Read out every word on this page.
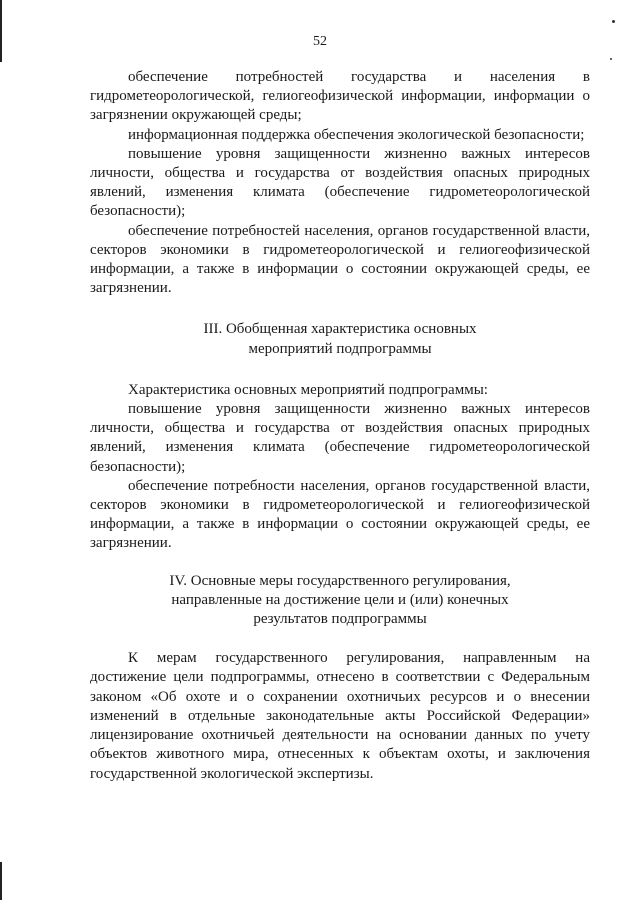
52

обеспечение потребностей государства и населения в гидрометеорологической, гелиогеофизической информации, информации о загрязнении окружающей среды;

информационная поддержка обеспечения экологической безопасности;

повышение уровня защищенности жизненно важных интересов личности, общества и государства от воздействия опасных природных явлений, изменения климата (обеспечение гидрометеорологической безопасности);

обеспечение потребностей населения, органов государственной власти, секторов экономики в гидрометеорологической и гелиогеофизической информации, а также в информации о состоянии окружающей среды, ее загрязнении.

III. Обобщенная характеристика основных
мероприятий подпрограммы

Характеристика основных мероприятий подпрограммы:

повышение уровня защищенности жизненно важных интересов личности, общества и государства от воздействия опасных природных явлений, изменения климата (обеспечение гидрометеорологической безопасности);

обеспечение потребности населения, органов государственной власти, секторов экономики в гидрометеорологической и гелиогеофизической информации, а также в информации о состоянии окружающей среды, ее загрязнении.

IV. Основные меры государственного регулирования,
направленные на достижение цели и (или) конечных
результатов подпрограммы

К мерам государственного регулирования, направленным на достижение цели подпрограммы, отнесено в соответствии с Федеральным законом «Об охоте и о сохранении охотничьих ресурсов и о внесении изменений в отдельные законодательные акты Российской Федерации» лицензирование охотничьей деятельности на основании данных по учету объектов животного мира, отнесенных к объектам охоты, и заключения государственной экологической экспертизы.
